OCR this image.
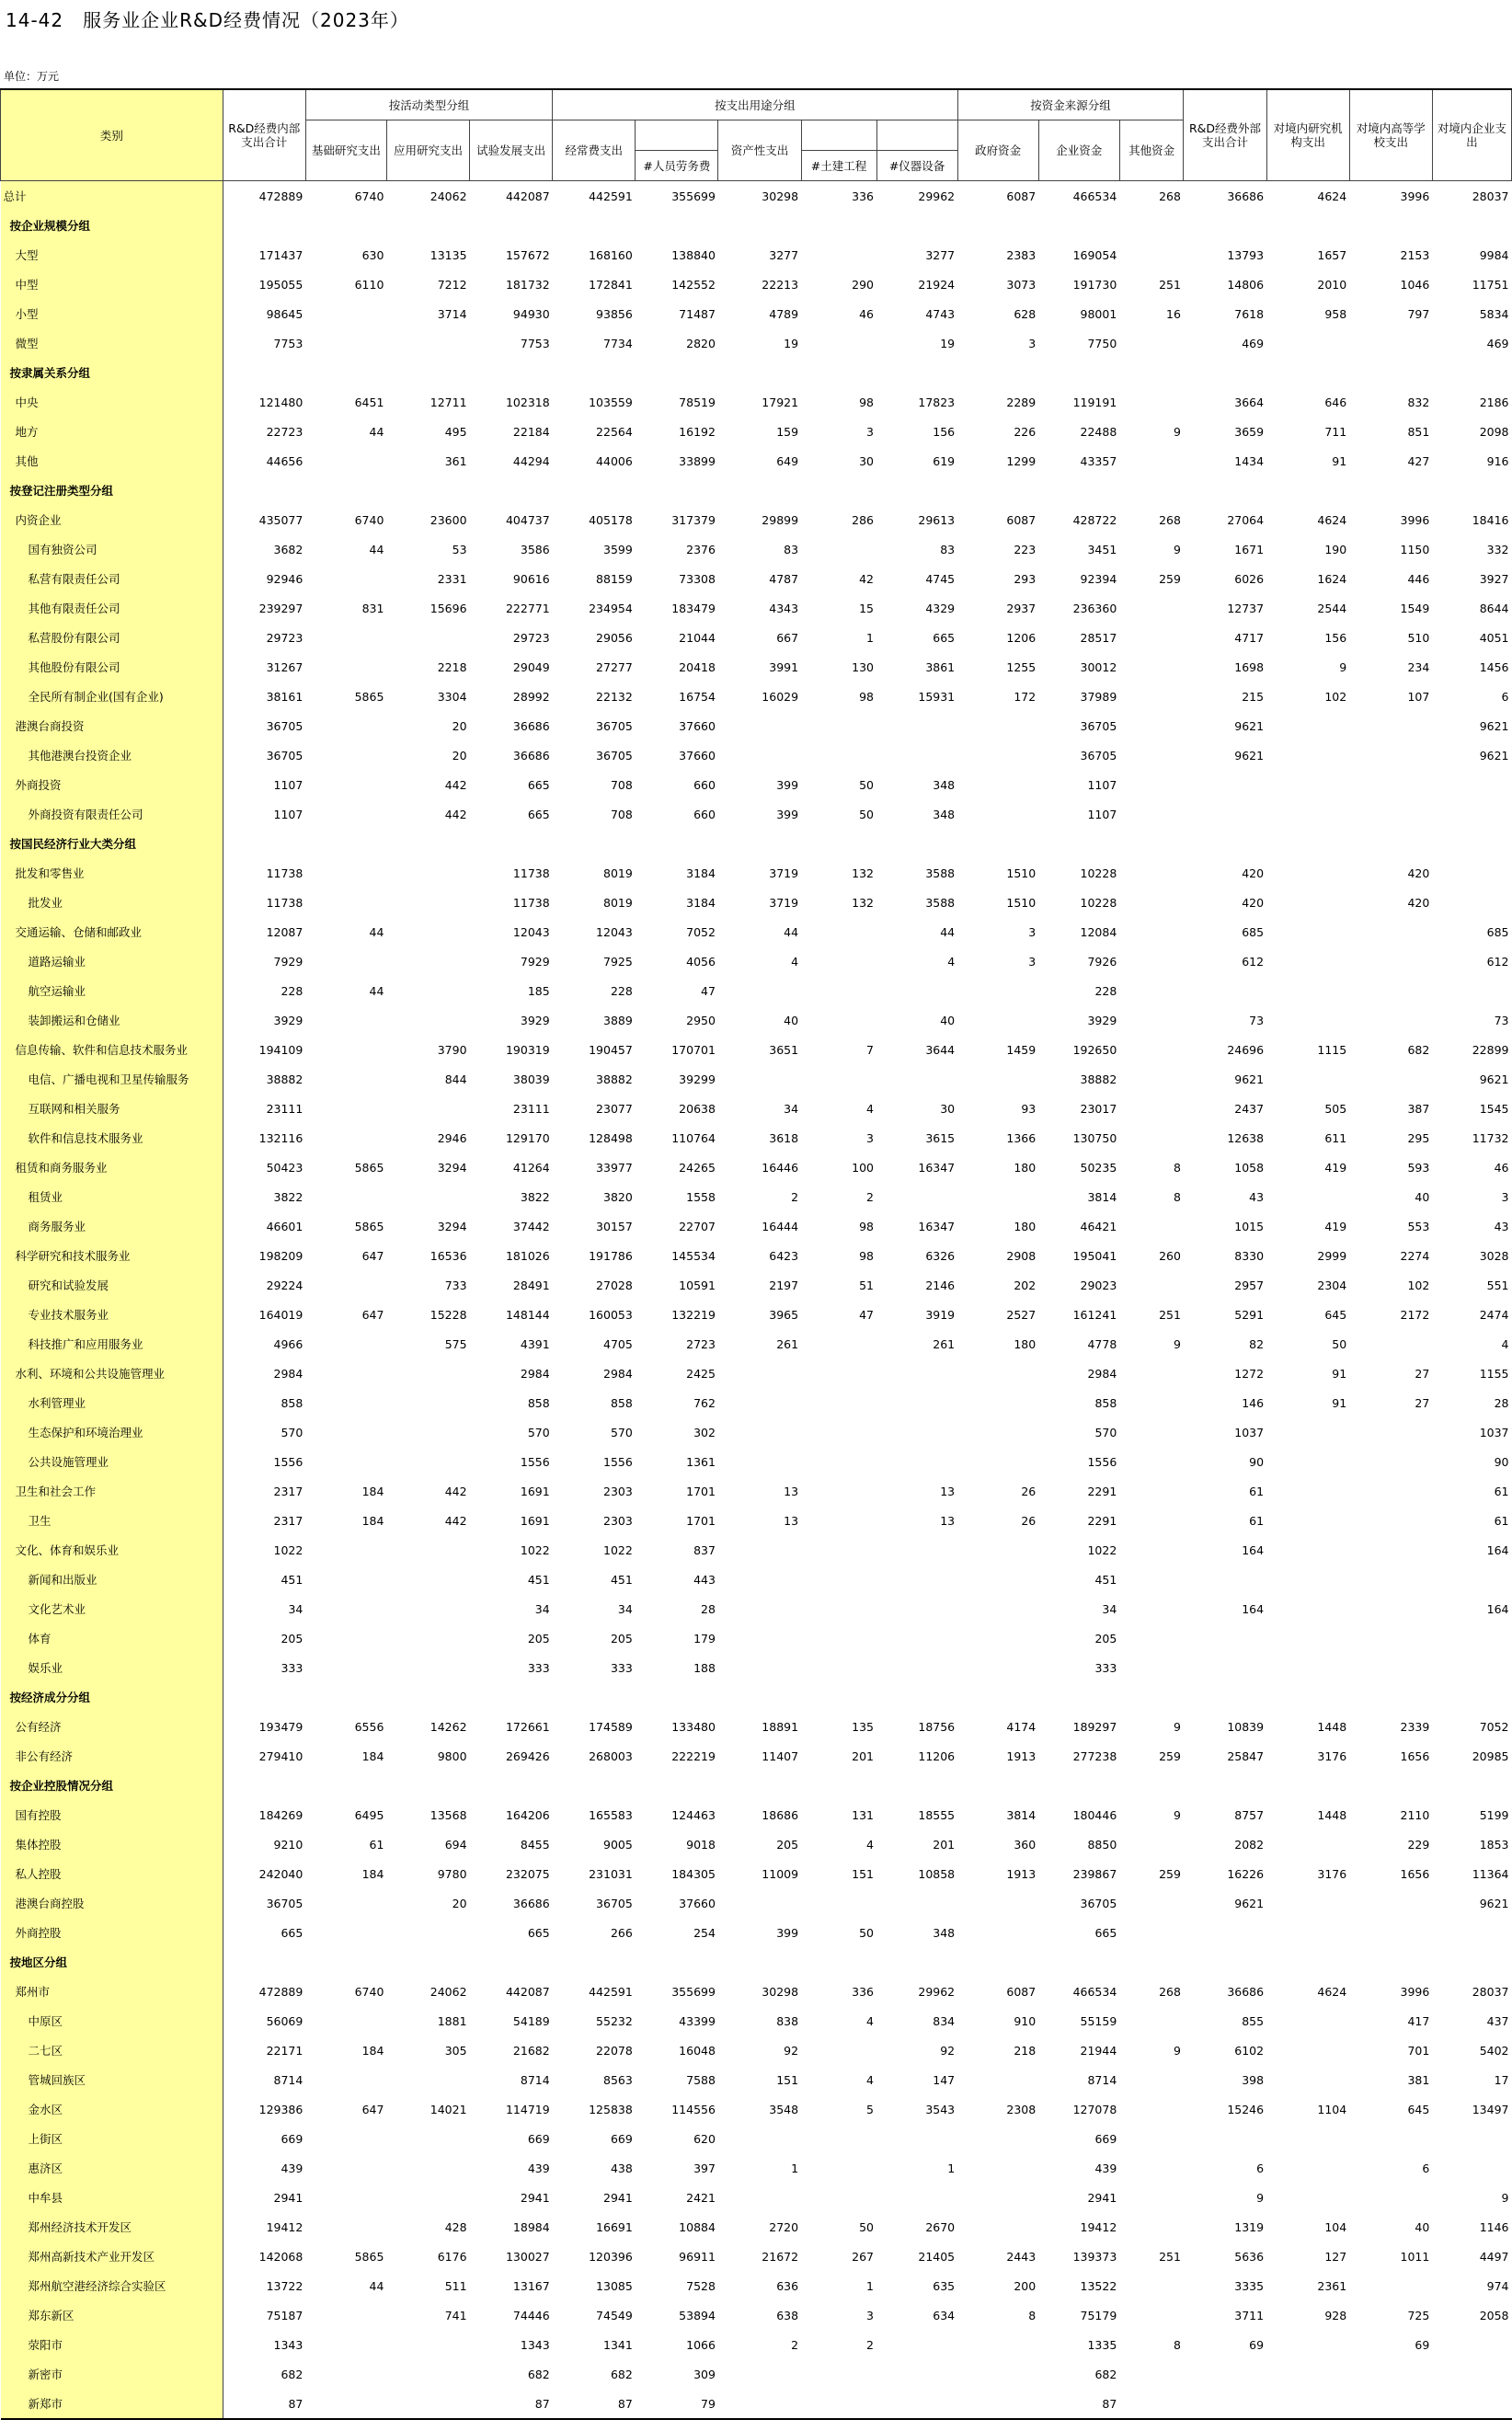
14-42　服务业企业R&D经费情况（2023年）
单位：万元
类别	R&D经费内部支出合计	按活动类型分组			按支出用途分组					按资金来源分组			R&D经费外部支出合计	对境内研究机构支出	对境内高等学校支出	对境内企业支出
		基础研究支出	应用研究支出	试验发展支出	经常费支出		资产性支出			政府资金	企业资金	其他资金				
						#人员劳务费		#土建工程	#仪器设备							
总计	472889	6740	24062	442087	442591	355699	30298	336	29962	6087	466534	268	36686	4624	3996	28037
按企业规模分组																
大型	171437	630	13135	157672	168160	138840	3277		3277	2383	169054		13793	1657	2153	9984
中型	195055	6110	7212	181732	172841	142552	22213	290	21924	3073	191730	251	14806	2010	1046	11751
小型	98645		3714	94930	93856	71487	4789	46	4743	628	98001	16	7618	958	797	5834
微型	7753			7753	7734	2820	19		19	3	7750		469			469
按隶属关系分组																
中央	121480	6451	12711	102318	103559	78519	17921	98	17823	2289	119191		3664	646	832	2186
地方	22723	44	495	22184	22564	16192	159	3	156	226	22488	9	3659	711	851	2098
其他	44656		361	44294	44006	33899	649	30	619	1299	43357		1434	91	427	916
按登记注册类型分组																
内资企业	435077	6740	23600	404737	405178	317379	29899	286	29613	6087	428722	268	27064	4624	3996	18416
国有独资公司	3682	44	53	3586	3599	2376	83		83	223	3451	9	1671	190	1150	332
私营有限责任公司	92946		2331	90616	88159	73308	4787	42	4745	293	92394	259	6026	1624	446	3927
其他有限责任公司	239297	831	15696	222771	234954	183479	4343	15	4329	2937	236360		12737	2544	1549	8644
私营股份有限公司	29723			29723	29056	21044	667	1	665	1206	28517		4717	156	510	4051
其他股份有限公司	31267		2218	29049	27277	20418	3991	130	3861	1255	30012		1698	9	234	1456
全民所有制企业(国有企业)	38161	5865	3304	28992	22132	16754	16029	98	15931	172	37989		215	102	107	6
港澳台商投资	36705		20	36686	36705	37660					36705		9621			9621
其他港澳台投资企业	36705		20	36686	36705	37660					36705		9621			9621
外商投资	1107		442	665	708	660	399	50	348		1107					
外商投资有限责任公司	1107		442	665	708	660	399	50	348		1107					
按国民经济行业大类分组																
批发和零售业	11738			11738	8019	3184	3719	132	3588	1510	10228		420		420	
批发业	11738			11738	8019	3184	3719	132	3588	1510	10228		420		420	
交通运输、仓储和邮政业	12087	44		12043	12043	7052	44		44	3	12084		685			685
道路运输业	7929			7929	7925	4056	4		4	3	7926		612			612
航空运输业	228	44		185	228	47					228					
装卸搬运和仓储业	3929			3929	3889	2950	40		40		3929		73			73
信息传输、软件和信息技术服务业	194109		3790	190319	190457	170701	3651	7	3644	1459	192650		24696	1115	682	22899
电信、广播电视和卫星传输服务	38882		844	38039	38882	39299					38882		9621			9621
互联网和相关服务	23111			23111	23077	20638	34	4	30	93	23017		2437	505	387	1545
软件和信息技术服务业	132116		2946	129170	128498	110764	3618	3	3615	1366	130750		12638	611	295	11732
租赁和商务服务业	50423	5865	3294	41264	33977	24265	16446	100	16347	180	50235	8	1058	419	593	46
租赁业	3822			3822	3820	1558	2	2			3814	8	43		40	3
商务服务业	46601	5865	3294	37442	30157	22707	16444	98	16347	180	46421		1015	419	553	43
科学研究和技术服务业	198209	647	16536	181026	191786	145534	6423	98	6326	2908	195041	260	8330	2999	2274	3028
研究和试验发展	29224		733	28491	27028	10591	2197	51	2146	202	29023		2957	2304	102	551
专业技术服务业	164019	647	15228	148144	160053	132219	3965	47	3919	2527	161241	251	5291	645	2172	2474
科技推广和应用服务业	4966		575	4391	4705	2723	261		261	180	4778	9	82	50		4
水利、环境和公共设施管理业	2984			2984	2984	2425					2984		1272	91	27	1155
水利管理业	858			858	858	762					858		146	91	27	28
生态保护和环境治理业	570			570	570	302					570		1037			1037
公共设施管理业	1556			1556	1556	1361					1556		90			90
卫生和社会工作	2317	184	442	1691	2303	1701	13		13	26	2291		61			61
卫生	2317	184	442	1691	2303	1701	13		13	26	2291		61			61
文化、体育和娱乐业	1022			1022	1022	837					1022		164			164
新闻和出版业	451			451	451	443					451					
文化艺术业	34			34	34	28					34		164			164
体育	205			205	205	179					205					
娱乐业	333			333	333	188					333					
按经济成分分组																
公有经济	193479	6556	14262	172661	174589	133480	18891	135	18756	4174	189297	9	10839	1448	2339	7052
非公有经济	279410	184	9800	269426	268003	222219	11407	201	11206	1913	277238	259	25847	3176	1656	20985
按企业控股情况分组																
国有控股	184269	6495	13568	164206	165583	124463	18686	131	18555	3814	180446	9	8757	1448	2110	5199
集体控股	9210	61	694	8455	9005	9018	205	4	201	360	8850		2082		229	1853
私人控股	242040	184	9780	232075	231031	184305	11009	151	10858	1913	239867	259	16226	3176	1656	11364
港澳台商控股	36705		20	36686	36705	37660					36705		9621			9621
外商控股	665			665	266	254	399	50	348		665					
按地区分组																
郑州市	472889	6740	24062	442087	442591	355699	30298	336	29962	6087	466534	268	36686	4624	3996	28037
中原区	56069		1881	54189	55232	43399	838	4	834	910	55159		855		417	437
二七区	22171	184	305	21682	22078	16048	92		92	218	21944	9	6102		701	5402
管城回族区	8714			8714	8563	7588	151	4	147		8714		398		381	17
金水区	129386	647	14021	114719	125838	114556	3548	5	3543	2308	127078		15246	1104	645	13497
上街区	669			669	669	620					669					
惠济区	439			439	438	397	1		1		439		6		6	
中牟县	2941			2941	2941	2421					2941		9			9
郑州经济技术开发区	19412		428	18984	16691	10884	2720	50	2670		19412		1319	104	40	1146
郑州高新技术产业开发区	142068	5865	6176	130027	120396	96911	21672	267	21405	2443	139373	251	5636	127	1011	4497
郑州航空港经济综合实验区	13722	44	511	13167	13085	7528	636	1	635	200	13522		3335	2361		974
郑东新区	75187		741	74446	74549	53894	638	3	634	8	75179		3711	928	725	2058
荥阳市	1343			1343	1341	1066	2	2			1335	8	69		69	
新密市	682			682	682	309					682					
新郑市	87			87	87	79					87					
